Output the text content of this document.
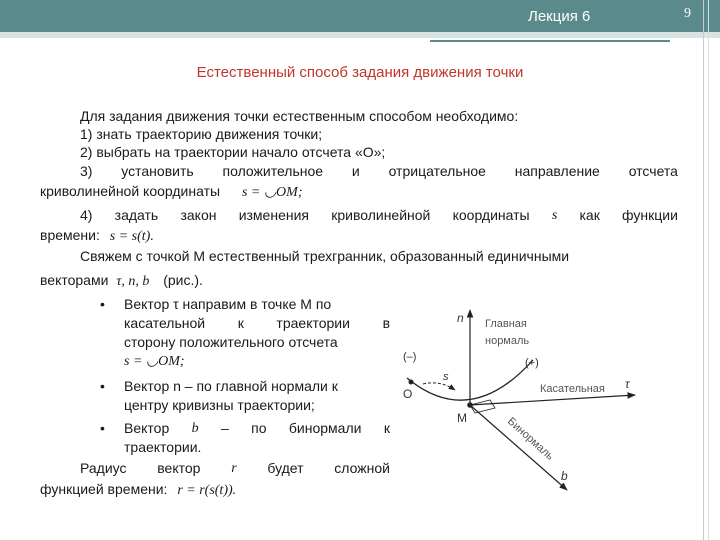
Лекция 6	9
Естественный способ задания движения точки
Для задания движения точки естественным способом необходимо:
1) знать траекторию движения точки;
2) выбрать на траектории начало отсчета «О»;
3) установить положительное и отрицательное направление отсчета
криволинейной координаты s = ◡OM;
4) задать закон изменения криволинейной координаты s как функции
времени: s = s(t).
Свяжем с точкой M естественный трехгранник, образованный единичными
векторами τ, n, b (рис.).
• Вектор τ направим в точке M по
касательной к траектории в
сторону положительного отсчета
s = ◡OM;
• Вектор n – по главной нормали к
центру кривизны траектории;
• Вектор b – по бинормали к
траектории.
Радиус вектор r будет сложной
функцией времени: r = r(s(t)).
n Главная
нормаль
(–)	(+)
s
O
M
Касательная τ
Бинормаль
b
